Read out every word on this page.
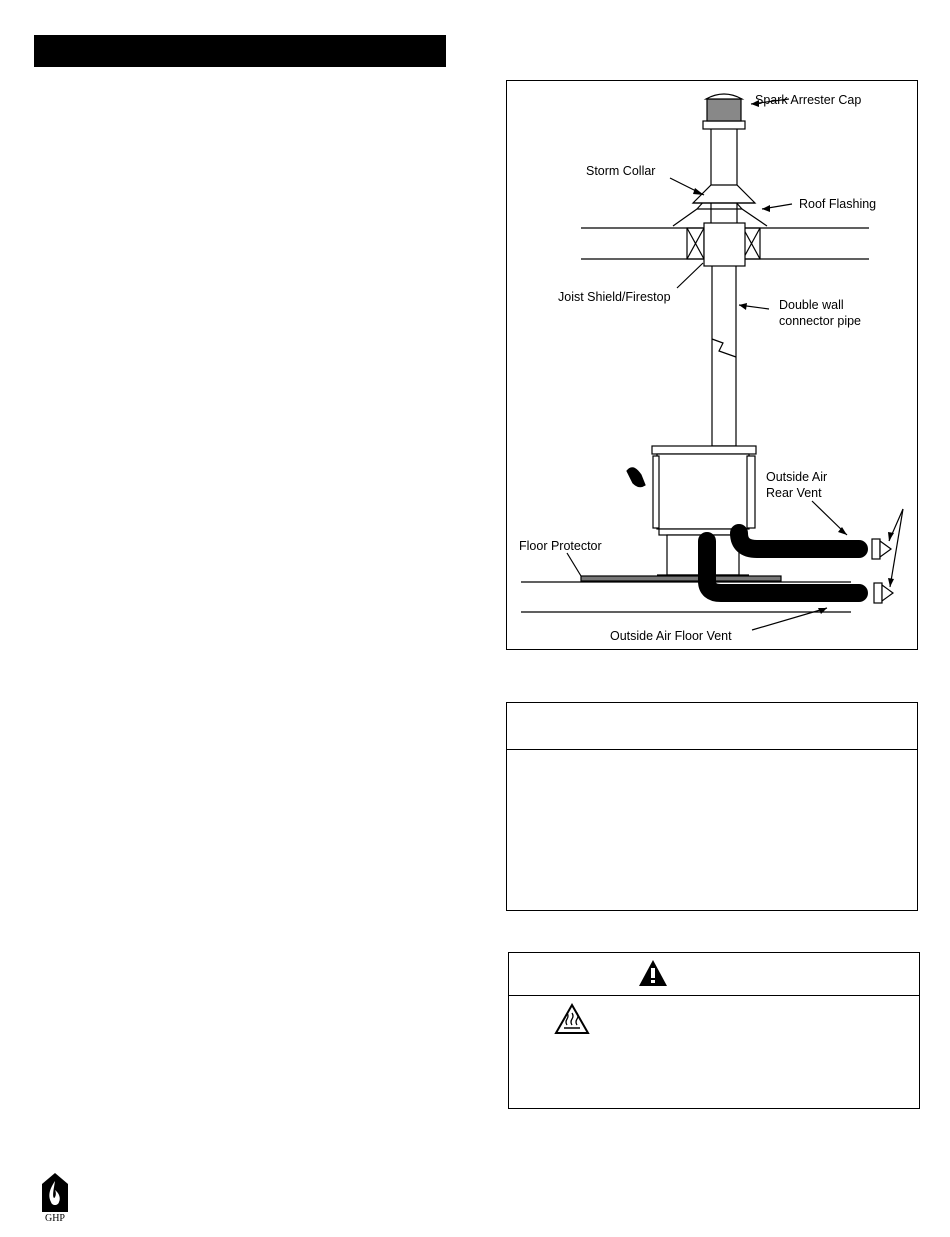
Spark Arrester Cap
Storm Collar
Roof Flashing
Joist Shield/Firestop
Double wall
connector pipe
Outside Air
Rear Vent
Floor Protector
Outside Air Floor Vent
GHP
